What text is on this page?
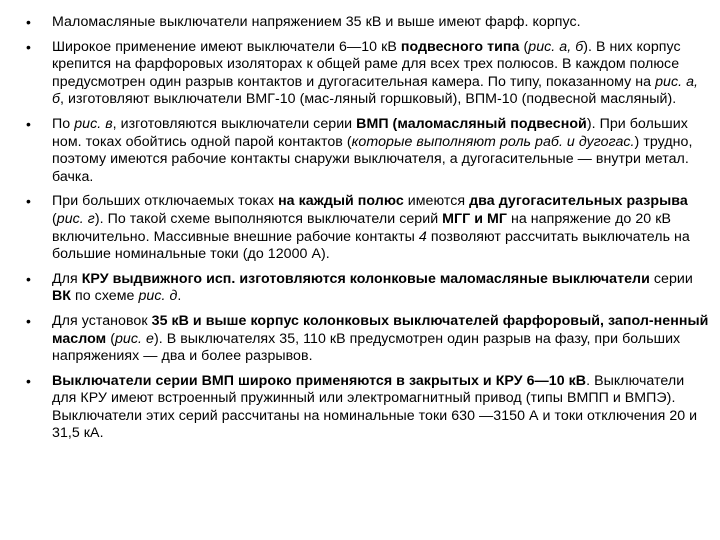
• Маломасляные выключатели напряжением 35 кВ и выше имеют фарф. корпус.
• Широкое применение имеют выключатели 6—10 кВ подвесного типа (рис. а, б). В них корпус крепится на фарфоровых изоляторах к общей раме для всех трех полюсов. В каждом полюсе предусмотрен один разрыв контактов и дугогасительная камера. По типу, показанному на рис. а, б, изготовляют выключатели ВМГ-10 (мас-ляный горшковый), ВПМ-10 (подвесной масляный).
• По рис. в, изготовляются выключатели серии ВМП (маломасляный подвесной). При больших ном. токах обойтись одной парой контактов (которые выполняют роль раб. и дугогас.) трудно, поэтому имеются рабочие контакты снаружи выключателя, а дугогасительные — внутри метал. бачка.
• При больших отключаемых токах на каждый полюс имеются два дугогасительных разрыва (рис. г). По такой схеме выполняются выключатели серий МГГ и МГ на напряжение до 20 кВ включительно. Массивные внешние рабочие контакты 4 позволяют рассчитать выключатель на большие номинальные токи (до 12000 А).
• Для КРУ выдвижного исп. изготовляются колонковые маломасляные выключатели серии ВК по схеме рис. д.
• Для установок 35 кВ и выше корпус колонковых выключателей фарфоровый, запол-ненный маслом (рис. е). В выключателях 35, 110 кВ предусмотрен один разрыв на фазу, при больших напряжениях — два и более разрывов.
• Выключатели серии ВМП широко применяются в закрытых и КРУ 6—10 кВ. Выключатели для КРУ имеют встроенный пружинный или электромагнитный привод (типы ВМПП и ВМПЭ). Выключатели этих серий рассчитаны на номинальные токи 630 —3150 А и токи отключения 20 и 31,5 кА.
